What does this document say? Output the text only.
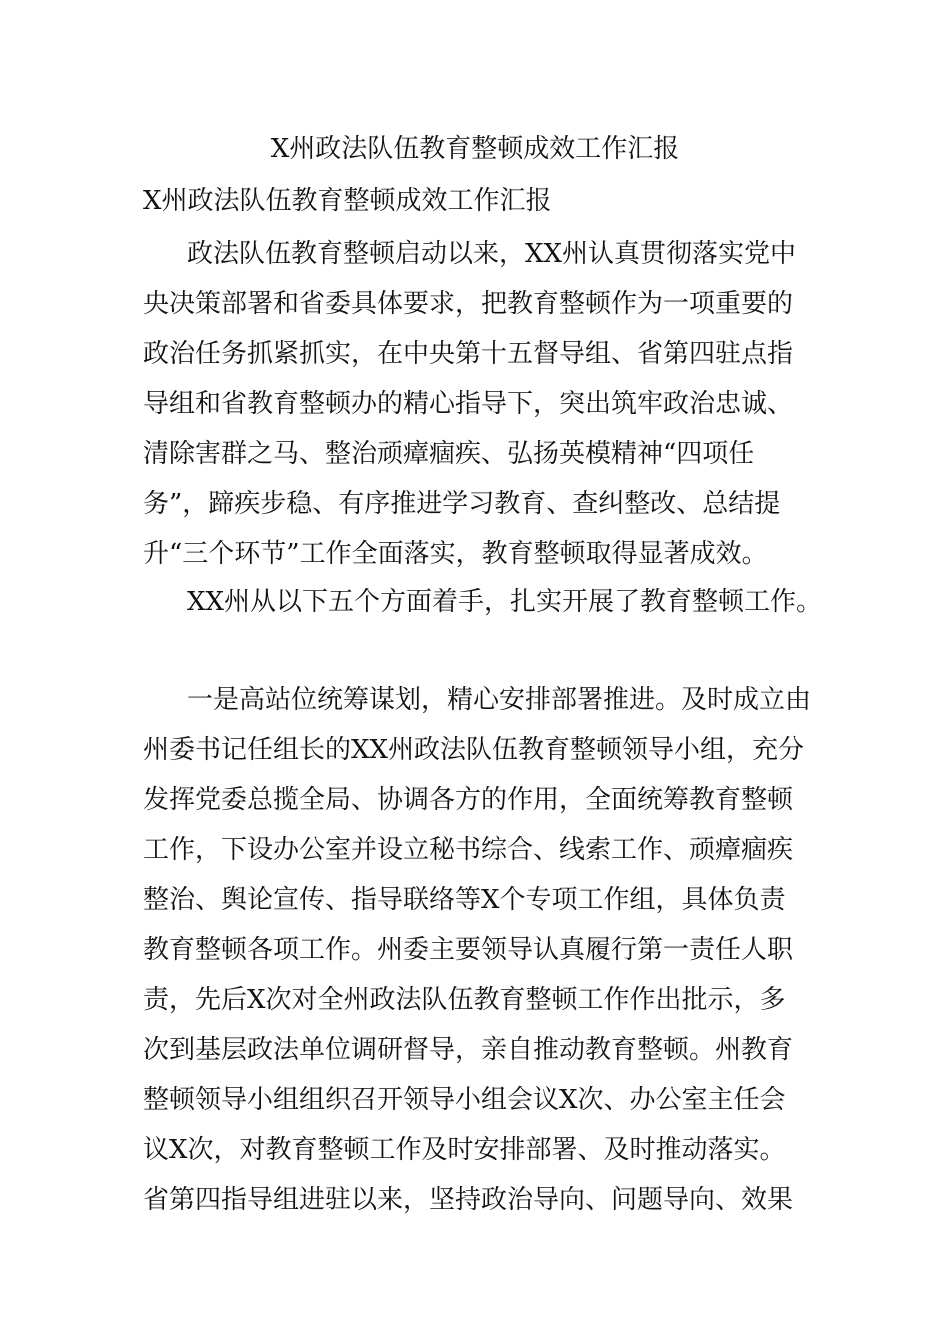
X州政法队伍教育整顿成效工作汇报
X州政法队伍教育整顿成效工作汇报
政法队伍教育整顿启动以来，XX州认真贯彻落实党中
央决策部署和省委具体要求，把教育整顿作为一项重要的
政治任务抓紧抓实，在中央第十五督导组、省第四驻点指
导组和省教育整顿办的精心指导下，突出筑牢政治忠诚、
清除害群之马、整治顽瘴痼疾、弘扬英模精神“四项任
务”，蹄疾步稳、有序推进学习教育、查纠整改、总结提
升“三个环节”工作全面落实，教育整顿取得显著成效。
XX州从以下五个方面着手，扎实开展了教育整顿工作。
一是高站位统筹谋划，精心安排部署推进。及时成立由
州委书记任组长的XX州政法队伍教育整顿领导小组，充分
发挥党委总揽全局、协调各方的作用，全面统筹教育整顿
工作，下设办公室并设立秘书综合、线索工作、顽瘴痼疾
整治、舆论宣传、指导联络等X个专项工作组，具体负责
教育整顿各项工作。州委主要领导认真履行第一责任人职
责，先后X次对全州政法队伍教育整顿工作作出批示，多
次到基层政法单位调研督导，亲自推动教育整顿。州教育
整顿领导小组组织召开领导小组会议X次、办公室主任会
议X次，对教育整顿工作及时安排部署、及时推动落实。
省第四指导组进驻以来，坚持政治导向、问题导向、效果
